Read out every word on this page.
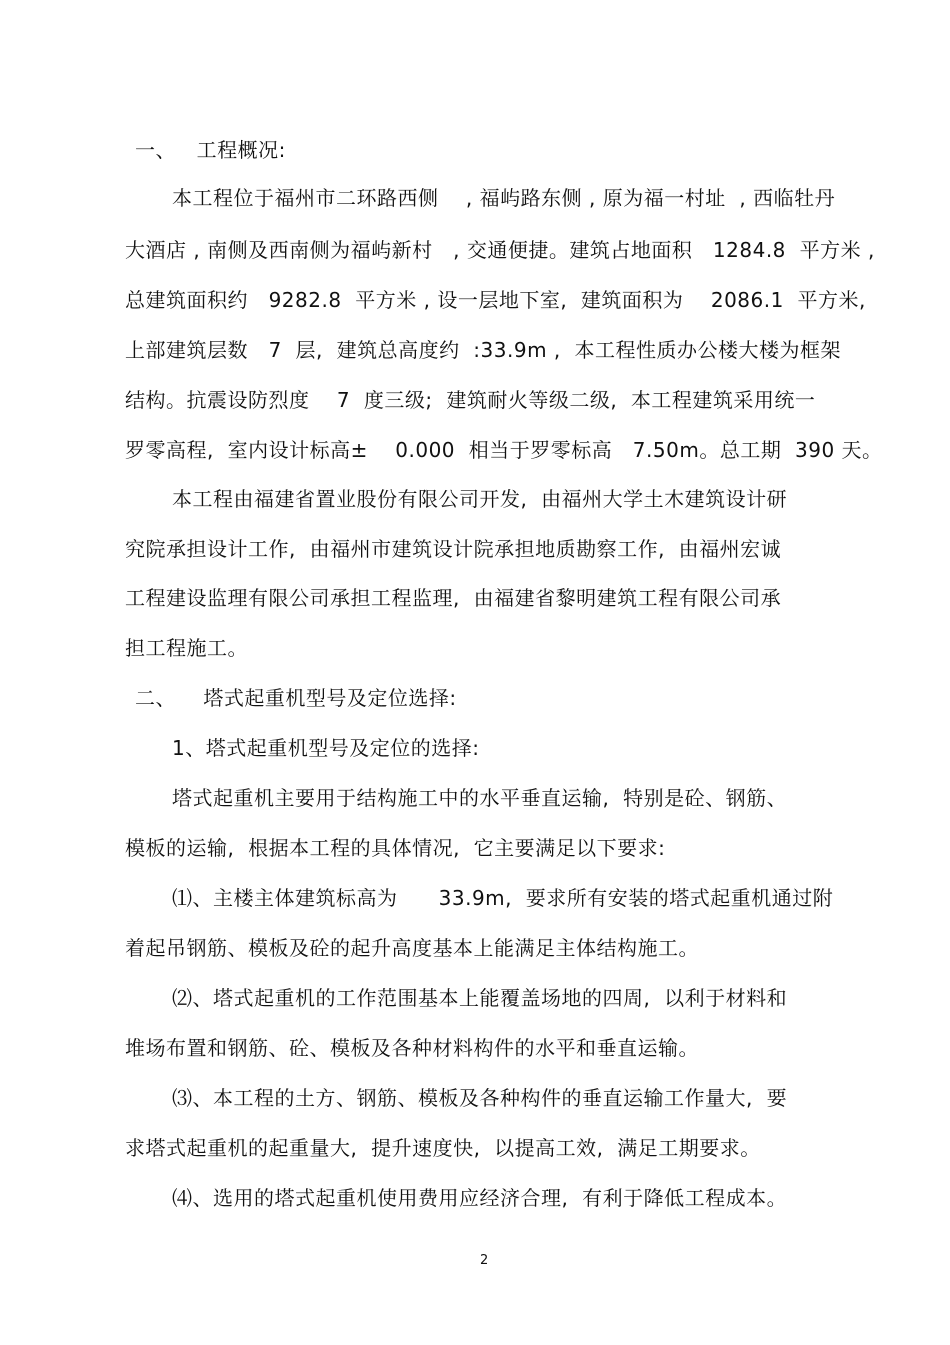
一、   工程概况:
本工程位于福州市二环路西侧    , 福屿路东侧 , 原为福一村址  , 西临牡丹
大酒店 , 南侧及西南侧为福屿新村   , 交通便捷。建筑占地面积   1284.8  平方米 ,
总建筑面积约   9282.8  平方米 , 设一层地下室,  建筑面积为    2086.1  平方米,
上部建筑层数   7  层,  建筑总高度约  :33.9m ,  本工程性质办公楼大楼为框架
结构。抗震设防烈度    7  度三级;  建筑耐火等级二级,  本工程建筑采用统一
罗零高程,  室内设计标高±    0.000  相当于罗零标高   7.50m。总工期  390 天。
本工程由福建省置业股份有限公司开发,  由福州大学土木建筑设计研
究院承担设计工作,  由福州市建筑设计院承担地质勘察工作,  由福州宏诚
工程建设监理有限公司承担工程监理,  由福建省黎明建筑工程有限公司承
担工程施工。
二、    塔式起重机型号及定位选择:
1、塔式起重机型号及定位的选择:
塔式起重机主要用于结构施工中的水平垂直运输,  特别是砼、钢筋、
模板的运输,  根据本工程的具体情况,  它主要满足以下要求:
⑴、主楼主体建筑标高为      33.9m,  要求所有安装的塔式起重机通过附
着起吊钢筋、模板及砼的起升高度基本上能满足主体结构施工。
⑵、塔式起重机的工作范围基本上能覆盖场地的四周,  以利于材料和
堆场布置和钢筋、砼、模板及各种材料构件的水平和垂直运输。
⑶、本工程的土方、钢筋、模板及各种构件的垂直运输工作量大,  要
求塔式起重机的起重量大,  提升速度快,  以提高工效,  满足工期要求。
⑷、选用的塔式起重机使用费用应经济合理,  有利于降低工程成本。
2
